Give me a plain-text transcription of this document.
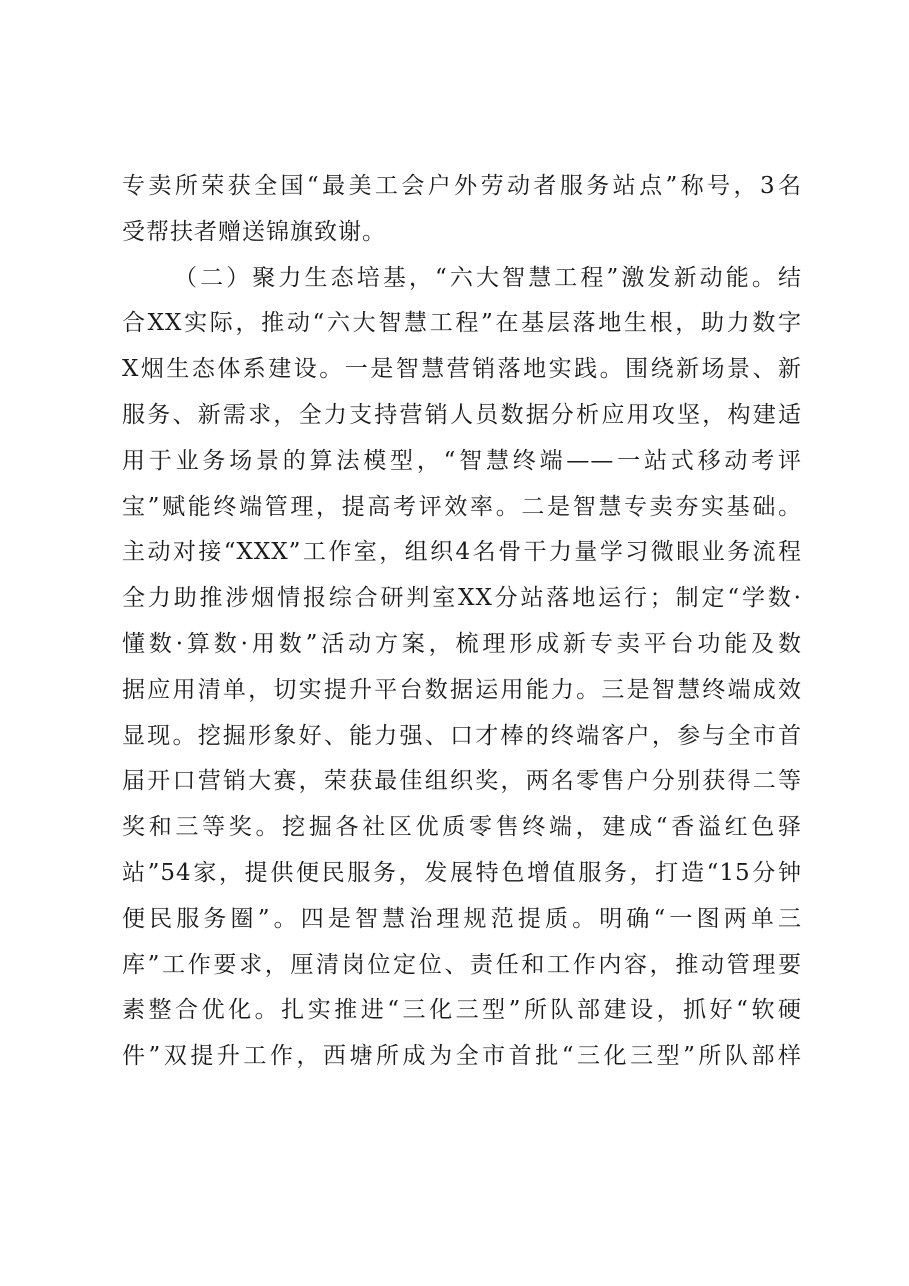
专卖所荣获全国“最美工会户外劳动者服务站点”称号，3名
受帮扶者赠送锦旗致谢。
（二）聚力生态培基，“六大智慧工程”激发新动能。结
合XX实际，推动“六大智慧工程”在基层落地生根，助力数字
X烟生态体系建设。一是智慧营销落地实践。围绕新场景、新
服务、新需求，全力支持营销人员数据分析应用攻坚，构建适
用于业务场景的算法模型，“智慧终端——一站式移动考评
宝”赋能终端管理，提高考评效率。二是智慧专卖夯实基础。
主动对接“XXX”工作室，组织4名骨干力量学习微眼业务流程
全力助推涉烟情报综合研判室XX分站落地运行；制定“学数·
懂数·算数·用数”活动方案，梳理形成新专卖平台功能及数
据应用清单，切实提升平台数据运用能力。三是智慧终端成效
显现。挖掘形象好、能力强、口才棒的终端客户，参与全市首
届开口营销大赛，荣获最佳组织奖，两名零售户分别获得二等
奖和三等奖。挖掘各社区优质零售终端，建成“香溢红色驿
站”54家，提供便民服务，发展特色增值服务，打造“15分钟
便民服务圈”。四是智慧治理规范提质。明确“一图两单三
库”工作要求，厘清岗位定位、责任和工作内容，推动管理要
素整合优化。扎实推进“三化三型”所队部建设，抓好“软硬
件”双提升工作，西塘所成为全市首批“三化三型”所队部样
